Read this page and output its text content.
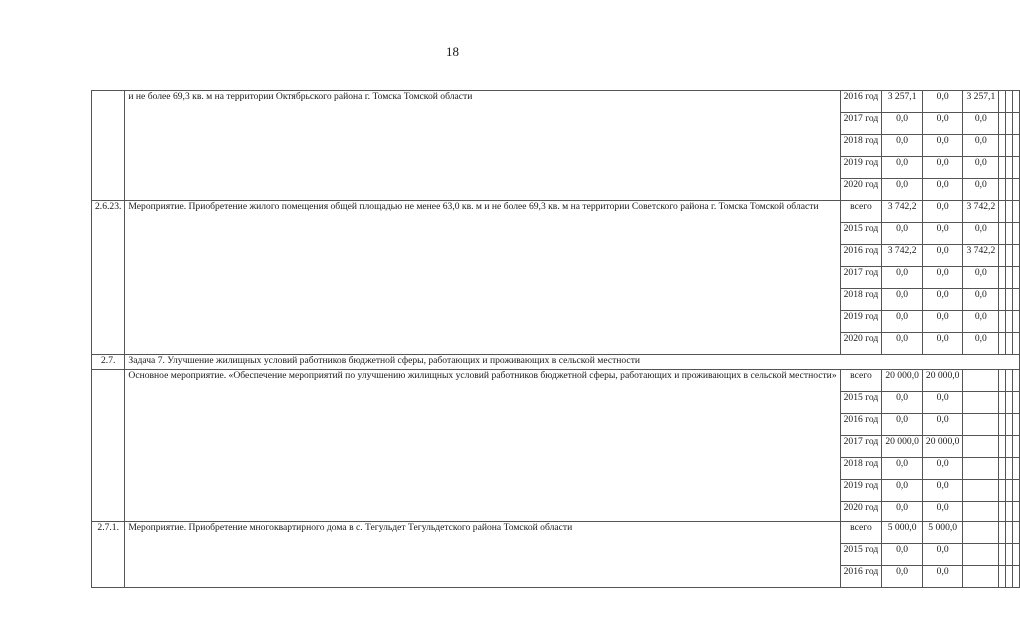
18
	и не более 69,3 кв. м на территории Октябрьского района г. Томска Томской области	2016 год	3 257,1	0,0	3 257,1			
		2017 год	0,0	0,0	0,0			
		2018 год	0,0	0,0	0,0			
		2019 год	0,0	0,0	0,0			
		2020 год	0,0	0,0	0,0			
2.6.23.	Мероприятие. Приобретение жилого помещения общей площадью не менее 63,0 кв. м и не более 69,3 кв. м на территории Советского района г. Томска Томской области	всего	3 742,2	0,0	3 742,2			
		2015 год	0,0	0,0	0,0			
		2016 год	3 742,2	0,0	3 742,2			
		2017 год	0,0	0,0	0,0			
		2018 год	0,0	0,0	0,0			
		2019 год	0,0	0,0	0,0			
		2020 год	0,0	0,0	0,0			
2.7.	Задача 7. Улучшение жилищных условий работников бюджетной сферы, работающих и проживающих в сельской местности							
	Основное мероприятие. «Обеспечение мероприятий по улучшению жилищных условий работников бюджетной сферы, работающих и проживающих в сельской местности»	всего	20 000,0	20 000,0				
		2015 год	0,0	0,0				
		2016 год	0,0	0,0				
		2017 год	20 000,0	20 000,0				
		2018 год	0,0	0,0				
		2019 год	0,0	0,0				
		2020 год	0,0	0,0				
2.7.1.	Мероприятие. Приобретение многоквартирного дома в с. Тегульдет Тегульдетского района Томской области	всего	5 000,0	5 000,0				
		2015 год	0,0	0,0				
		2016 год	0,0	0,0				
